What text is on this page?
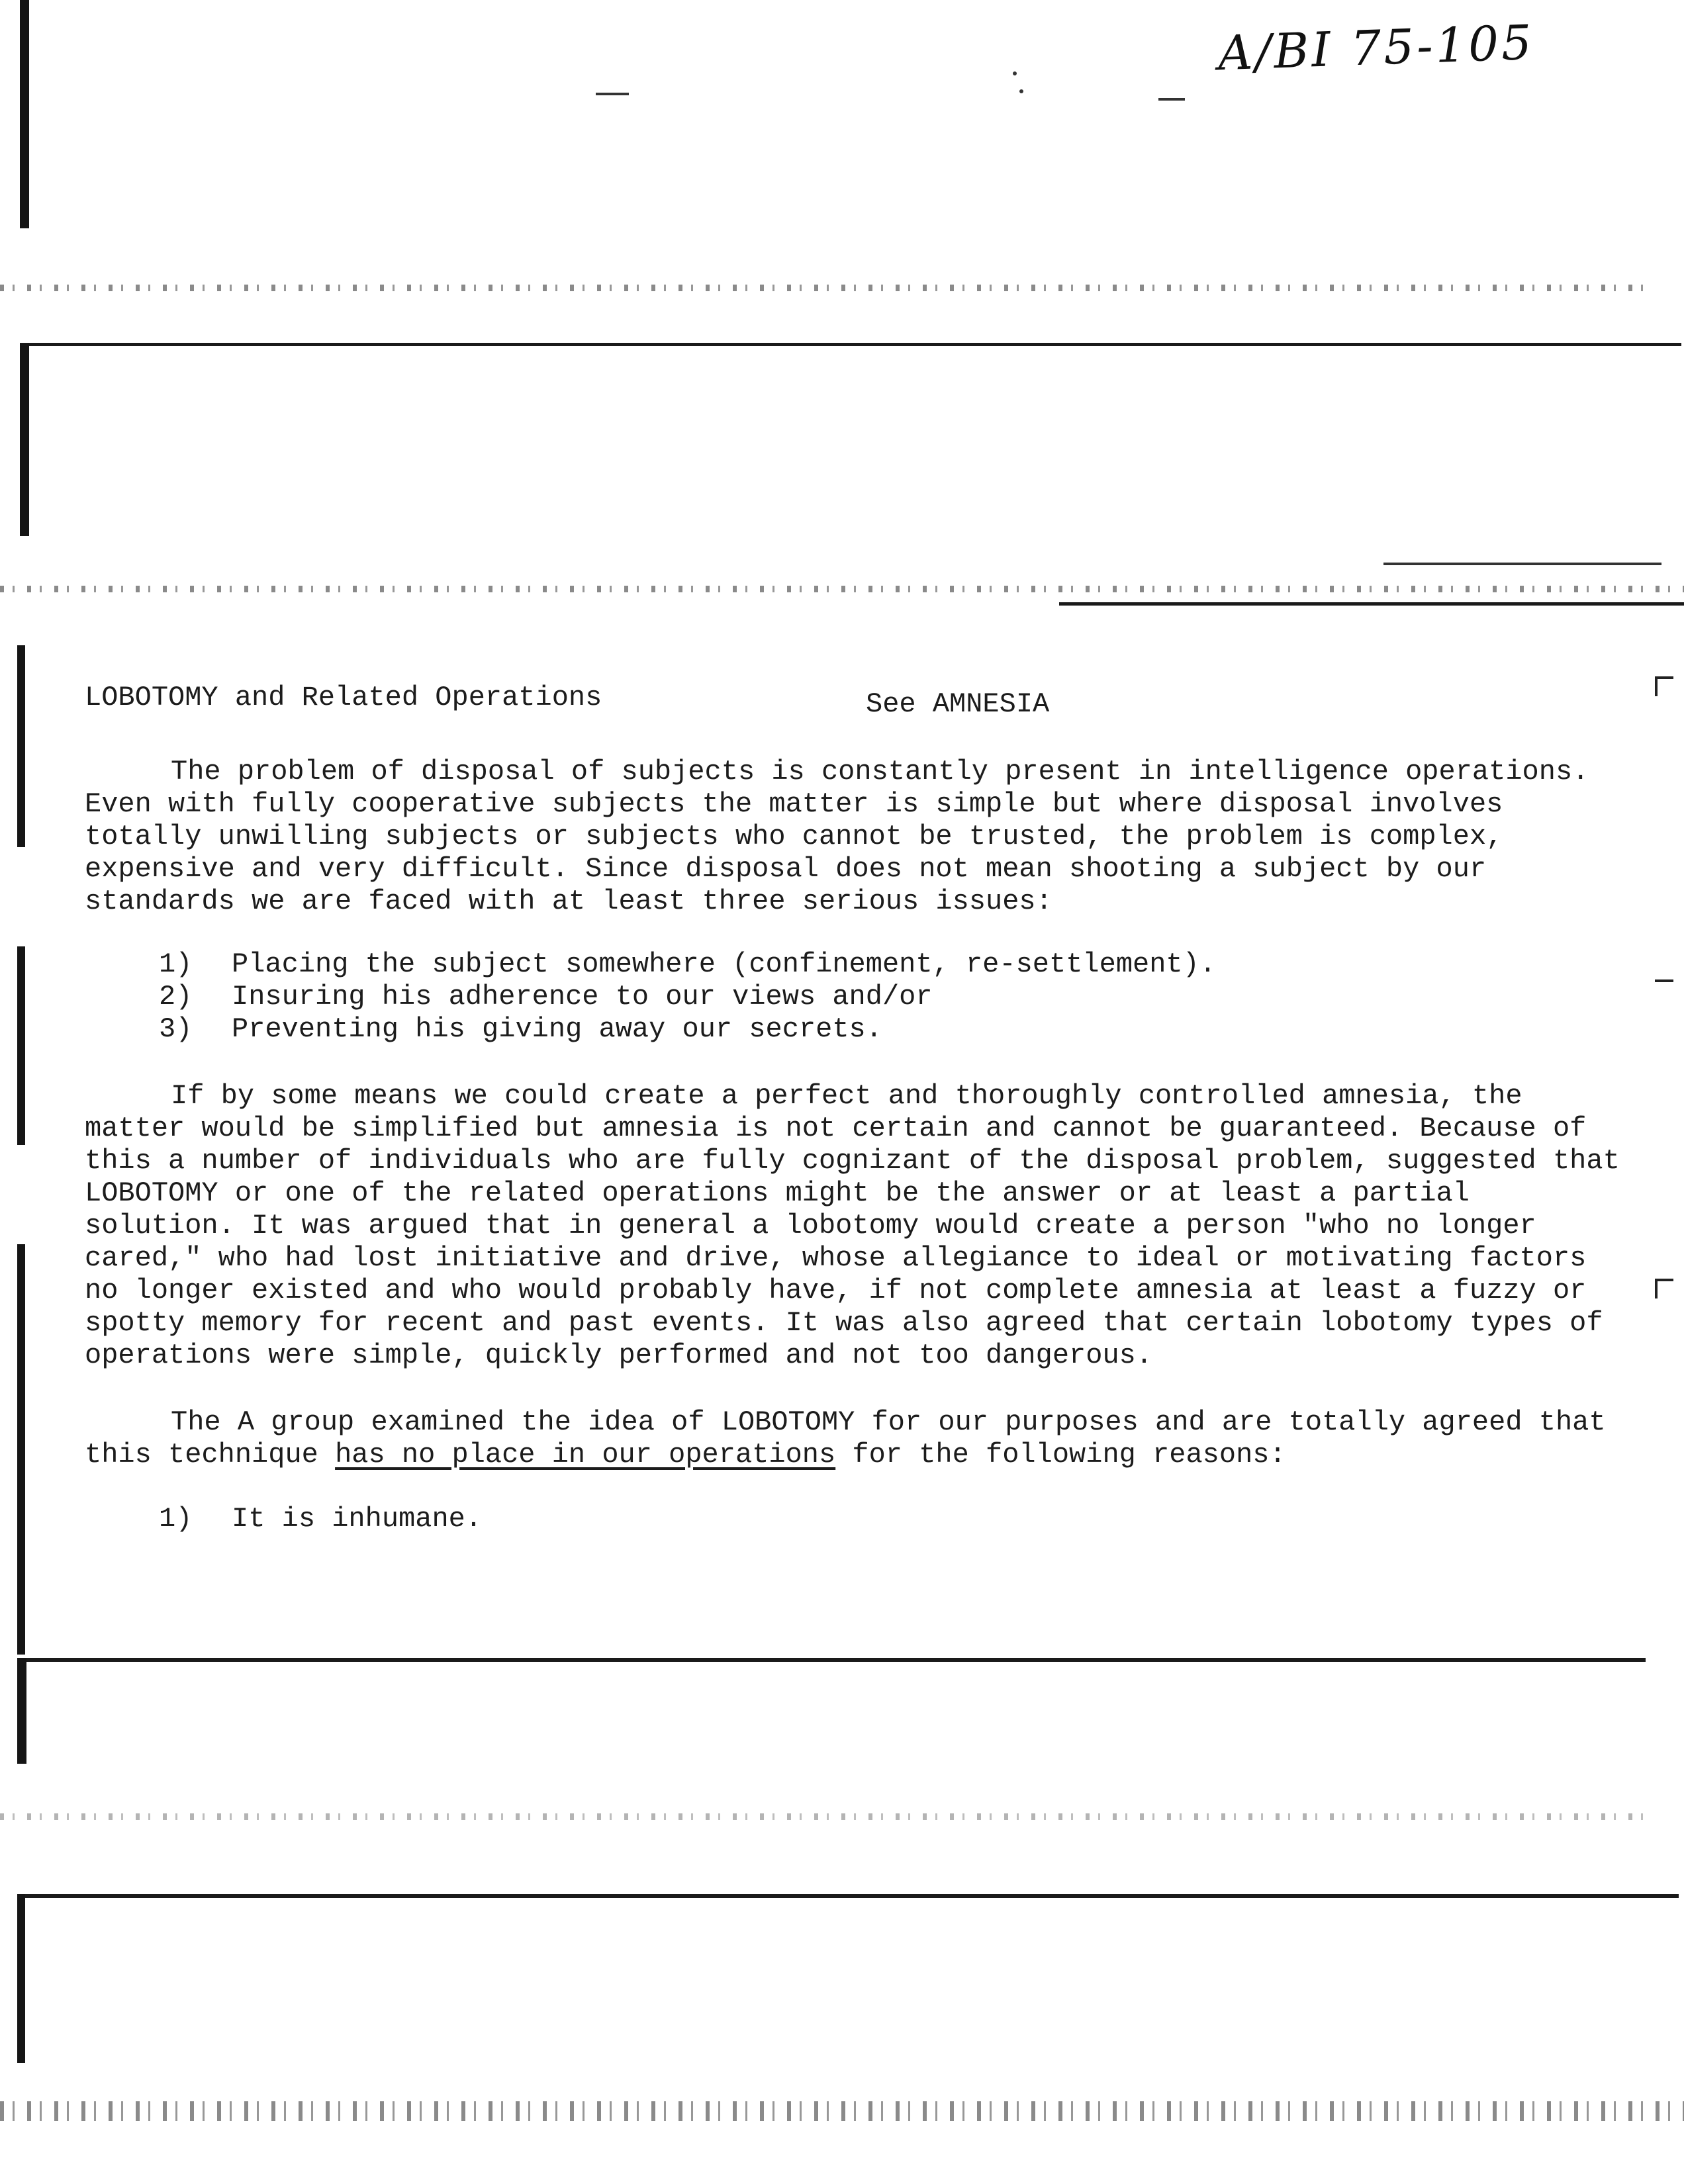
A/BI 75-105
LOBOTOMY and Related Operations	See AMNESIA

The problem of disposal of subjects is constantly present in intelligence operations. Even with fully cooperative subjects the matter is simple but where disposal involves totally unwilling subjects or subjects who cannot be trusted, the problem is complex, expensive and very difficult. Since disposal does not mean shooting a subject by our standards we are faced with at least three serious issues:

1) Placing the subject somewhere (confinement, re-settlement).
2) Insuring his adherence to our views and/or
3) Preventing his giving away our secrets.

If by some means we could create a perfect and thoroughly controlled amnesia, the matter would be simplified but amnesia is not certain and cannot be guaranteed. Because of this a number of individuals who are fully cognizant of the disposal problem, suggested that LOBOTOMY or one of the related operations might be the answer or at least a partial solution. It was argued that in general a lobotomy would create a person "who no longer cared," who had lost initiative and drive, whose allegiance to ideal or motivating factors no longer existed and who would probably have, if not complete amnesia at least a fuzzy or spotty memory for recent and past events. It was also agreed that certain lobotomy types of operations were simple, quickly performed and not too dangerous.

The A group examined the idea of LOBOTOMY for our purposes and are totally agreed that this technique has no place in our operations for the following reasons:

1) It is inhumane.
